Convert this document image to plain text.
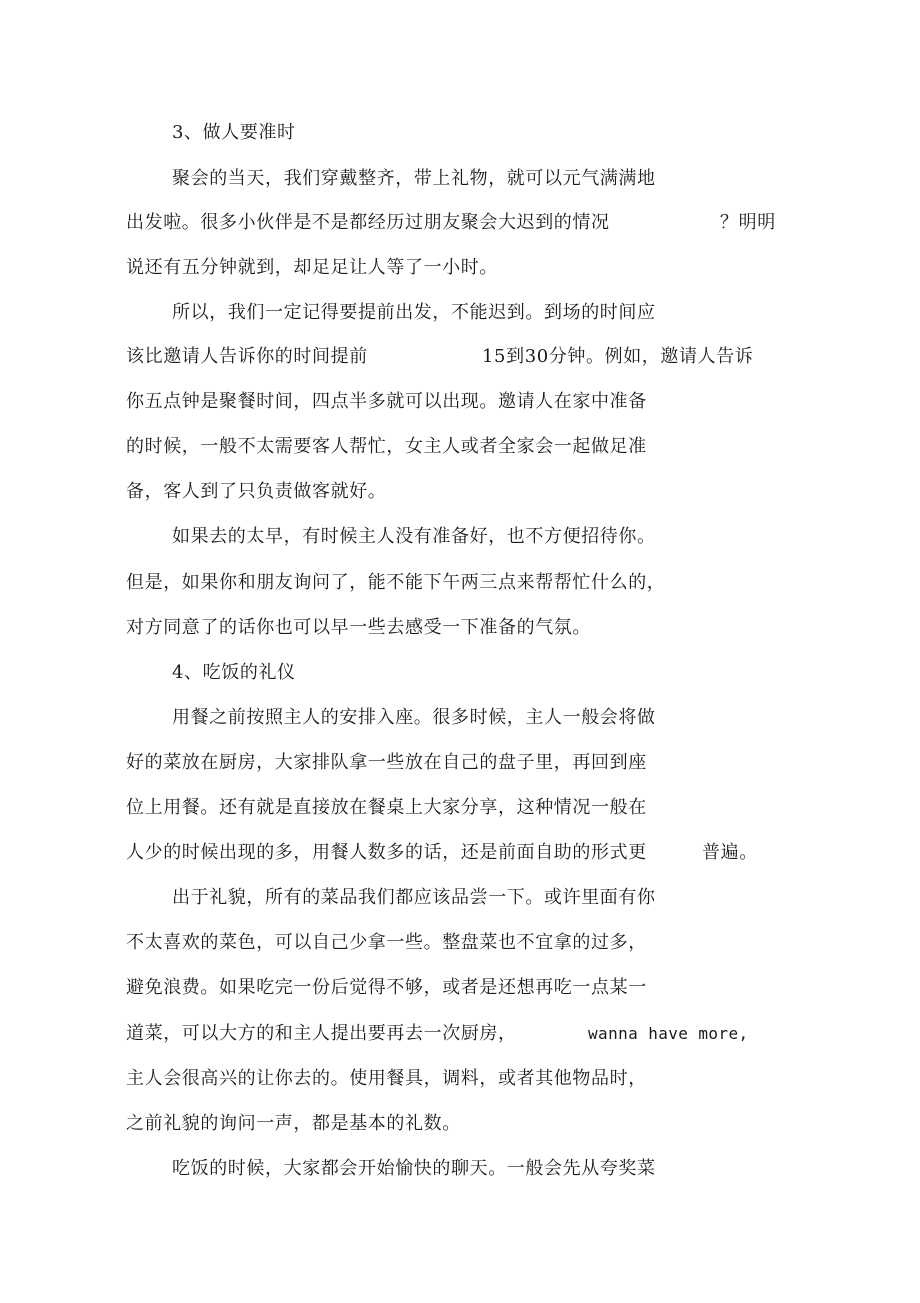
3、做人要准时
聚会的当天，我们穿戴整齐，带上礼物，就可以元气满满地
出发啦。很多小伙伴是不是都经历过朋友聚会大迟到的情况	？明明
说还有五分钟就到，却足足让人等了一小时。
所以，我们一定记得要提前出发，不能迟到。到场的时间应
该比邀请人告诉你的时间提前	15到30分钟。例如，邀请人告诉
你五点钟是聚餐时间，四点半多就可以出现。邀请人在家中准备
的时候，一般不太需要客人帮忙，女主人或者全家会一起做足准
备，客人到了只负责做客就好。
如果去的太早，有时候主人没有准备好，也不方便招待你。
但是，如果你和朋友询问了，能不能下午两三点来帮帮忙什么的，
对方同意了的话你也可以早一些去感受一下准备的气氛。
4、吃饭的礼仪
用餐之前按照主人的安排入座。很多时候，主人一般会将做
好的菜放在厨房，大家排队拿一些放在自己的盘子里，再回到座
位上用餐。还有就是直接放在餐桌上大家分享，这种情况一般在
人少的时候出现的多，用餐人数多的话，还是前面自助的形式更	普遍。
出于礼貌，所有的菜品我们都应该品尝一下。或许里面有你
不太喜欢的菜色，可以自己少拿一些。整盘菜也不宜拿的过多，
避免浪费。如果吃完一份后觉得不够，或者是还想再吃一点某一
道菜，可以大方的和主人提出要再去一次厨房，	wanna have more,
主人会很高兴的让你去的。使用餐具，调料，或者其他物品时，
之前礼貌的询问一声，都是基本的礼数。
吃饭的时候，大家都会开始愉快的聊天。一般会先从夸奖菜
